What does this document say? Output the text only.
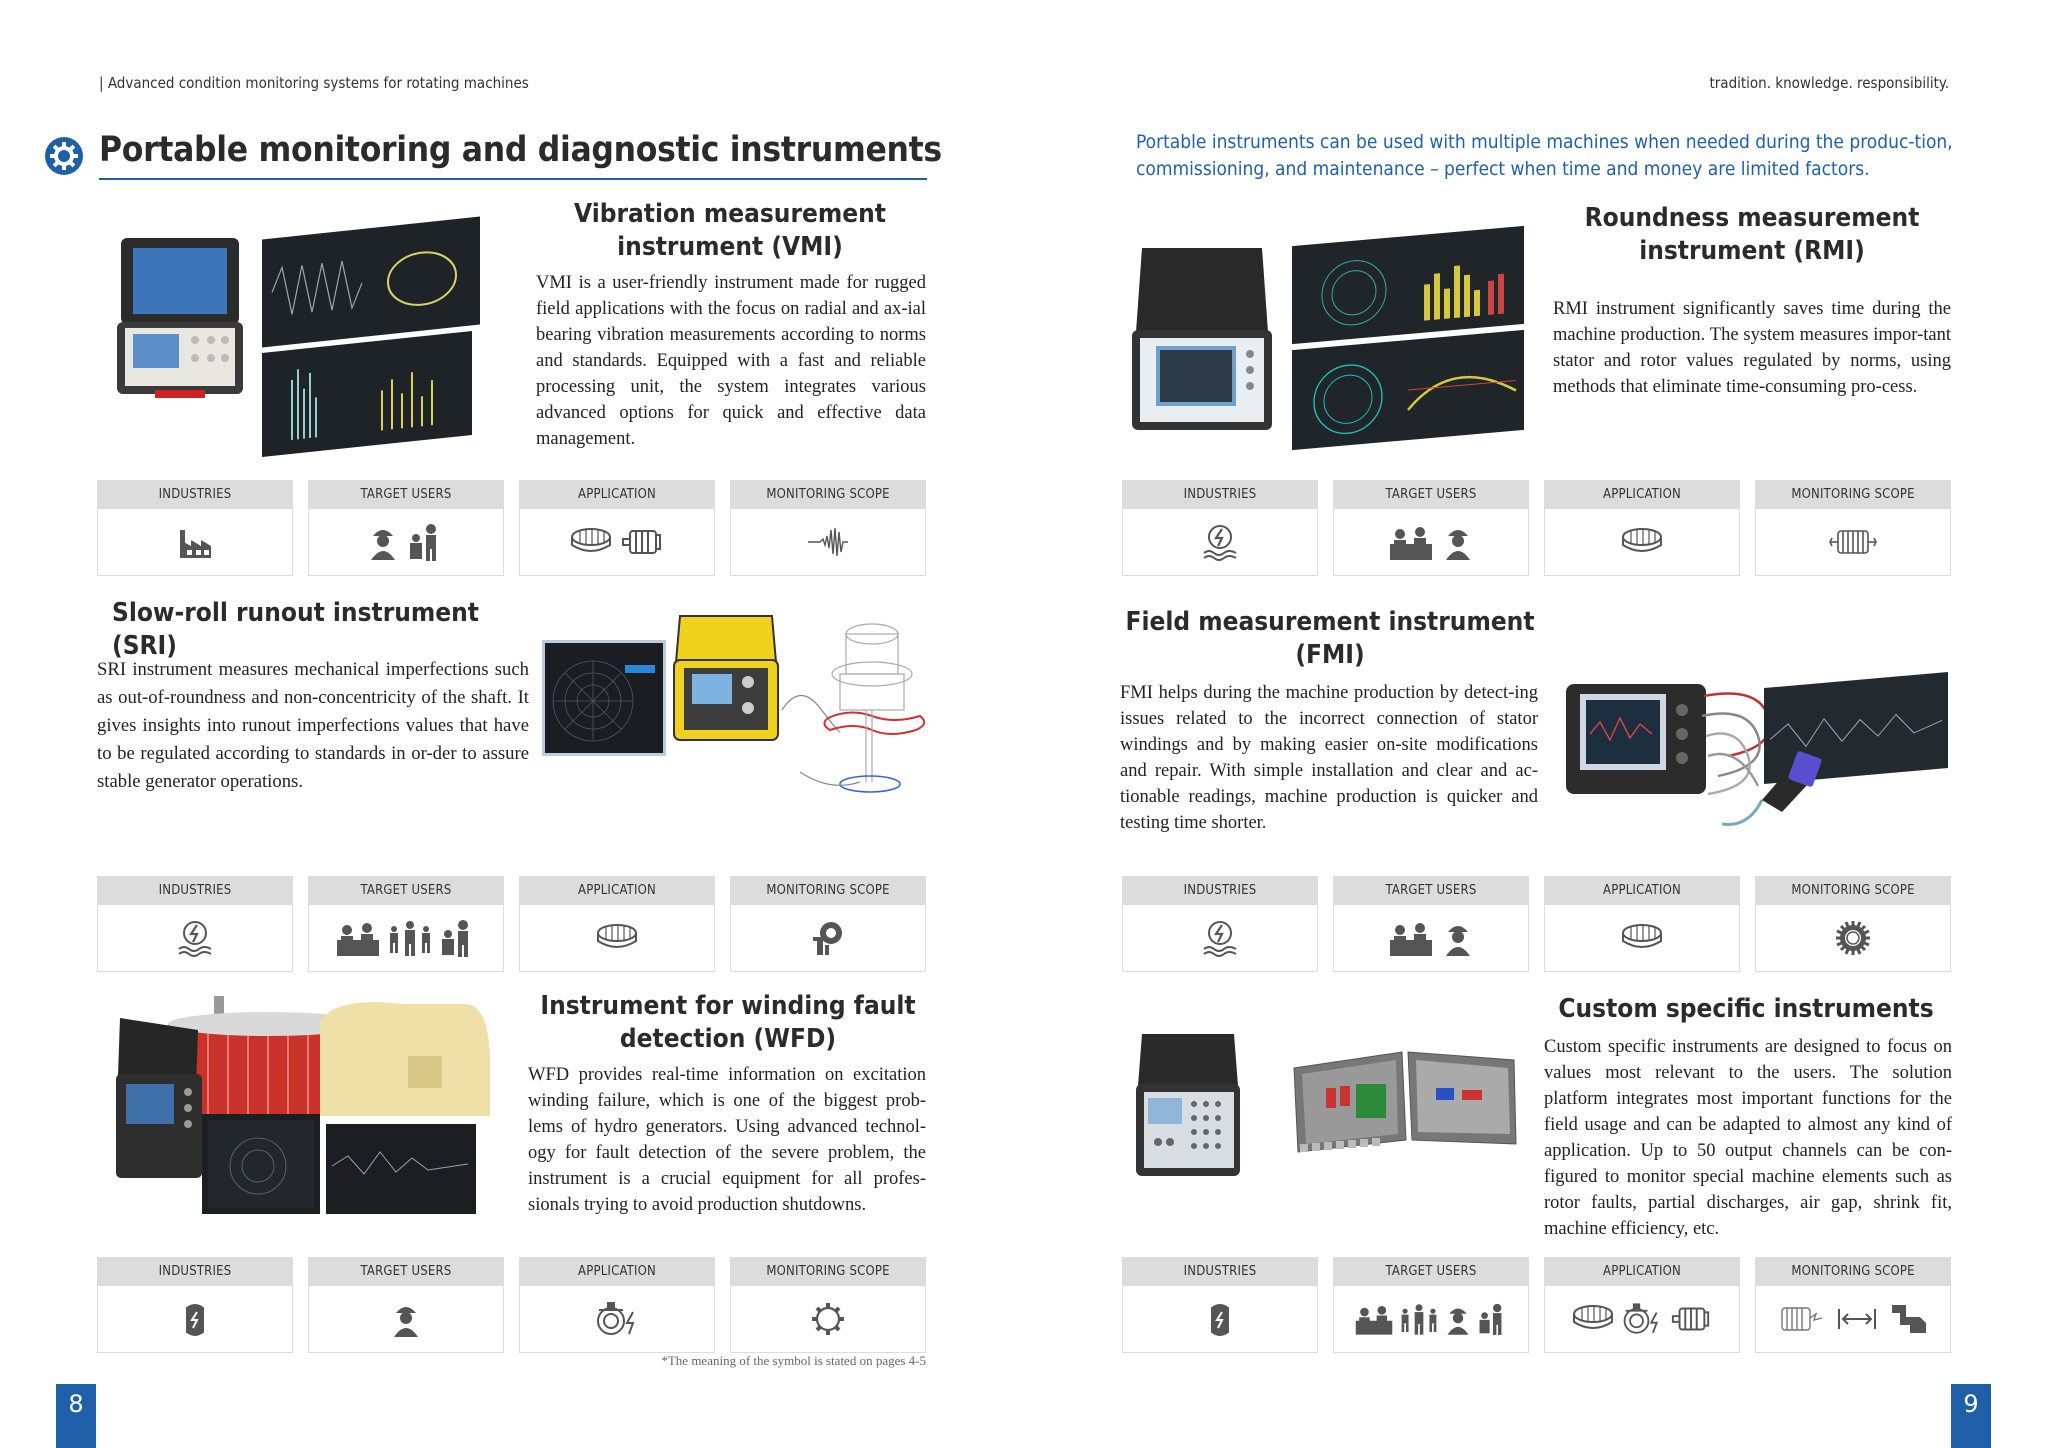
| Advanced condition monitoring systems for rotating machines	tradition. knowledge. responsibility.
Portable monitoring and diagnostic instruments	Portable instruments can be used with multiple machines when needed during the produc-tion, commissioning, and maintenance – perfect when time and money are limited factors.
Vibration measurement
instrument (VMI)
VMI is a user-friendly instrument made for rugged field applications with the focus on radial and ax-ial bearing vibration measurements according to norms and standards. Equipped with a fast and reliable processing unit, the system integrates various advanced options for quick and effective data management.
INDUSTRIES	TARGET USERS	APPLICATION	MONITORING SCOPE
Roundness measurement
instrument (RMI)
RMI instrument significantly saves time during the machine production. The system measures impor-tant stator and rotor values regulated by norms, using methods that eliminate time-consuming pro-cess.
INDUSTRIES	TARGET USERS	APPLICATION	MONITORING SCOPE
Slow-roll runout instrument (SRI)
SRI instrument measures mechanical imperfections such as out-of-roundness and non-concentricity of the shaft. It gives insights into runout imperfections values that have to be regulated according to standards in or-der to assure stable generator operations.
INDUSTRIES	TARGET USERS	APPLICATION	MONITORING SCOPE
Field measurement instrument
(FMI)
FMI helps during the machine production by detect-ing issues related to the incorrect connection of stator windings and by making easier on-site modifications and repair. With simple installation and clear and ac-tionable readings, machine production is quicker and testing time shorter.
INDUSTRIES	TARGET USERS	APPLICATION	MONITORING SCOPE
Instrument for winding fault
detection (WFD)
WFD provides real-time information on excitation winding failure, which is one of the biggest prob-lems of hydro generators. Using advanced technol-ogy for fault detection of the severe problem, the instrument is a crucial equipment for all profes-sionals trying to avoid production shutdowns.
INDUSTRIES	TARGET USERS	APPLICATION	MONITORING SCOPE
*The meaning of the symbol is stated on pages 4-5
Custom specific instruments
Custom specific instruments are designed to focus on values most relevant to the users. The solution platform integrates most important functions for the field usage and can be adapted to almost any kind of application. Up to 50 output channels can be con-figured to monitor special machine elements such as rotor faults, partial discharges, air gap, shrink fit, machine efficiency, etc.
INDUSTRIES	TARGET USERS	APPLICATION	MONITORING SCOPE
8	9
